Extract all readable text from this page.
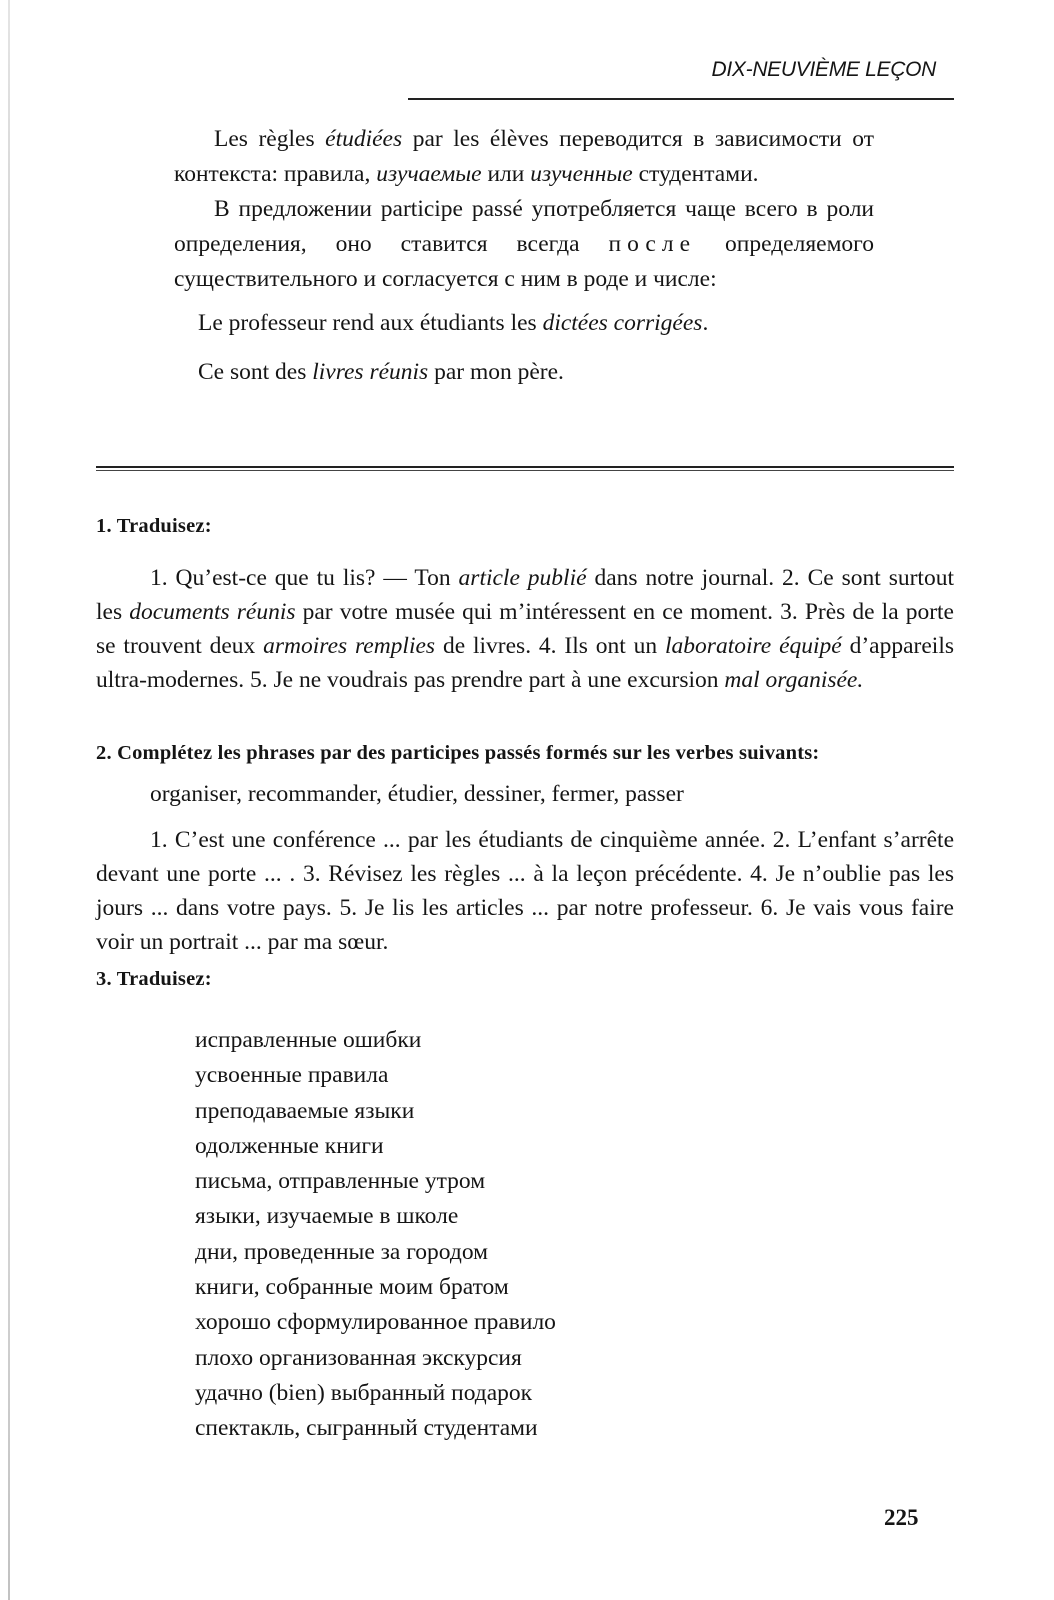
DIX-NEUVIÈME LEÇON

Les règles étudiées par les élèves переводится в зависимости от контекста: правила, изучаемые или изученные студентами.

В предложении participe passé употребляется чаще всего в роли определения, оно ставится всегда после определяемого существительного и согласуется с ним в роде и числе:

Le professeur rend aux étudiants les dictées corrigées.

Ce sont des livres réunis par mon père.

1. Traduisez:

1. Qu’est-ce que tu lis? — Ton article publié dans notre journal. 2. Ce sont surtout les documents réunis par votre musée qui m’intéressent en ce moment. 3. Près de la porte se trouvent deux armoires remplies de livres. 4. Ils ont un laboratoire équipé d’appareils ultra-modernes. 5. Je ne voudrais pas prendre part à une excursion mal organisée.

2. Complétez les phrases par des participes passés formés sur les verbes suivants:
organiser, recommander, étudier, dessiner, fermer, passer

1. C’est une conférence ... par les étudiants de cinquième année. 2. L’enfant s’arrête devant une porte ... . 3. Révisez les règles ... à la leçon précédente. 4. Je n’oublie pas les jours ... dans votre pays. 5. Je lis les articles ... par notre professeur. 6. Je vais vous faire voir un portrait ... par ma sœur.

3. Traduisez:
исправленные ошибки
усвоенные правила
преподаваемые языки
одолженные книги
письма, отправленные утром
языки, изучаемые в школе
дни, проведенные за городом
книги, собранные моим братом
хорошо сформулированное правило
плохо организованная экскурсия
удачно (bien) выбранный подарок
спектакль, сыгранный студентами
225
